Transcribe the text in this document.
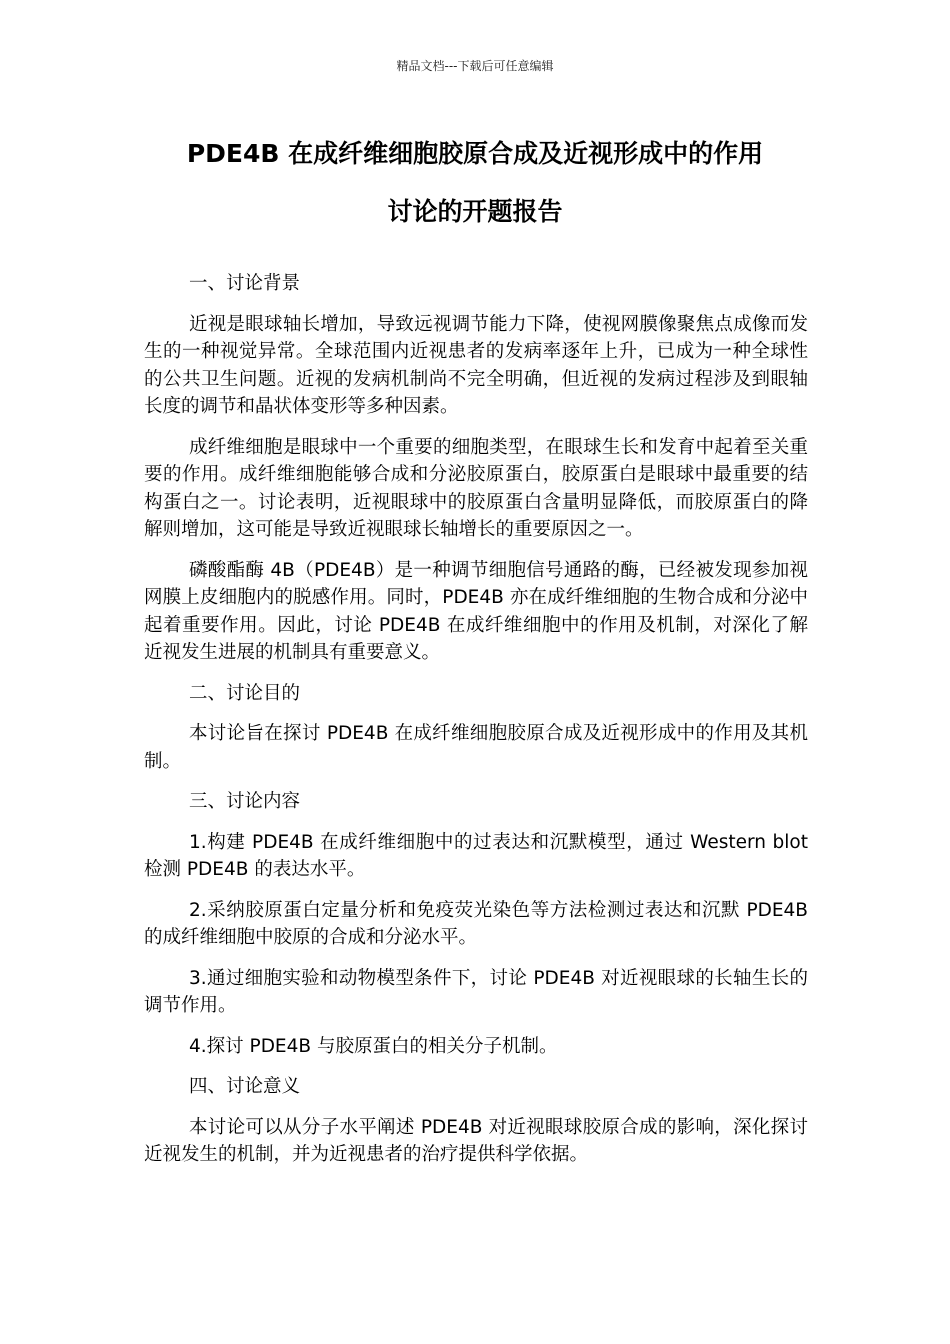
精品文档---下载后可任意编辑
PDE4B 在成纤维细胞胶原合成及近视形成中的作用
讨论的开题报告

一、讨论背景

近视是眼球轴长增加，导致远视调节能力下降，使视网膜像聚焦点成像而发生的一种视觉异常。全球范围内近视患者的发病率逐年上升，已成为一种全球性的公共卫生问题。近视的发病机制尚不完全明确，但近视的发病过程涉及到眼轴长度的调节和晶状体变形等多种因素。

成纤维细胞是眼球中一个重要的细胞类型，在眼球生长和发育中起着至关重要的作用。成纤维细胞能够合成和分泌胶原蛋白，胶原蛋白是眼球中最重要的结构蛋白之一。讨论表明，近视眼球中的胶原蛋白含量明显降低，而胶原蛋白的降解则增加，这可能是导致近视眼球长轴增长的重要原因之一。

磷酸酯酶 4B（PDE4B）是一种调节细胞信号通路的酶，已经被发现参加视网膜上皮细胞内的脱感作用。同时，PDE4B 亦在成纤维细胞的生物合成和分泌中起着重要作用。因此，讨论 PDE4B 在成纤维细胞中的作用及机制，对深化了解近视发生进展的机制具有重要意义。

二、讨论目的

本讨论旨在探讨 PDE4B 在成纤维细胞胶原合成及近视形成中的作用及其机制。

三、讨论内容

1.构建 PDE4B 在成纤维细胞中的过表达和沉默模型，通过 Western blot 检测 PDE4B 的表达水平。

2.采纳胶原蛋白定量分析和免疫荧光染色等方法检测过表达和沉默 PDE4B 的成纤维细胞中胶原的合成和分泌水平。

3.通过细胞实验和动物模型条件下，讨论 PDE4B 对近视眼球的长轴生长的调节作用。

4.探讨 PDE4B 与胶原蛋白的相关分子机制。

四、讨论意义

本讨论可以从分子水平阐述 PDE4B 对近视眼球胶原合成的影响，深化探讨近视发生的机制，并为近视患者的治疗提供科学依据。
